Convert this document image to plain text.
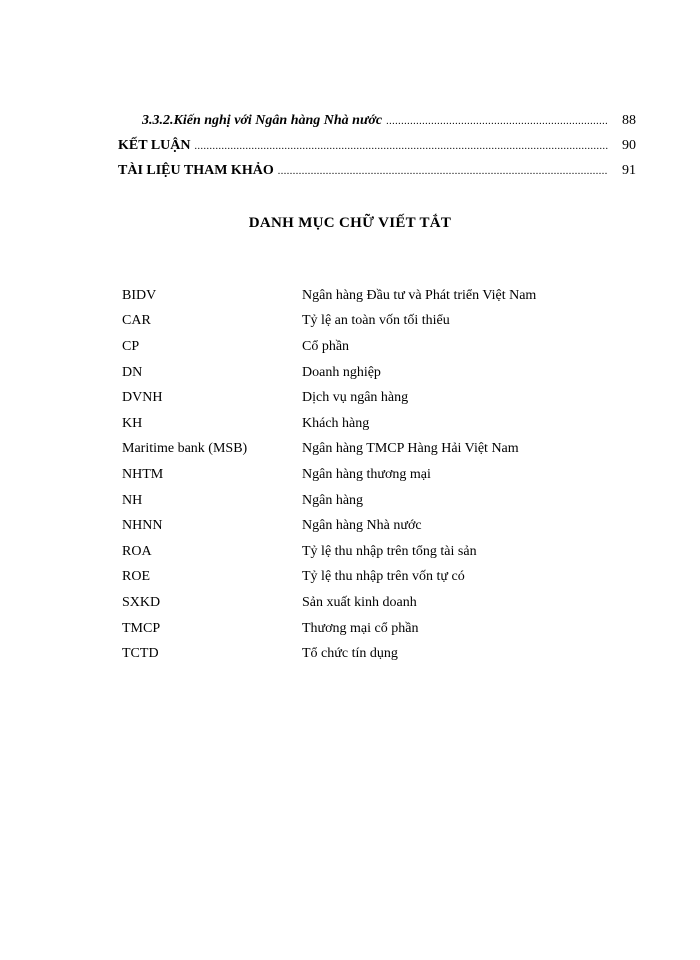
3.3.2.Kiến nghị với Ngân hàng Nhà nước .....	88
KẾT LUẬN .....	90
TÀI LIỆU THAM KHẢO .....	91
DANH MỤC CHỮ VIẾT TẮT
BIDV	Ngân hàng Đầu tư và Phát triển Việt Nam
CAR	Tỷ lệ an toàn vốn tối thiểu
CP	Cổ phần
DN	Doanh nghiệp
DVNH	Dịch vụ ngân hàng
KH	Khách hàng
Maritime bank (MSB)	Ngân hàng TMCP Hàng Hải Việt Nam
NHTM	Ngân hàng thương mại
NH	Ngân hàng
NHNN	Ngân hàng Nhà nước
ROA	Tỷ lệ thu nhập trên tổng tài sản
ROE	Tỷ lệ thu nhập trên vốn tự có
SXKD	Sản xuất kinh doanh
TMCP	Thương mại cổ phần
TCTD	Tổ chức tín dụng
